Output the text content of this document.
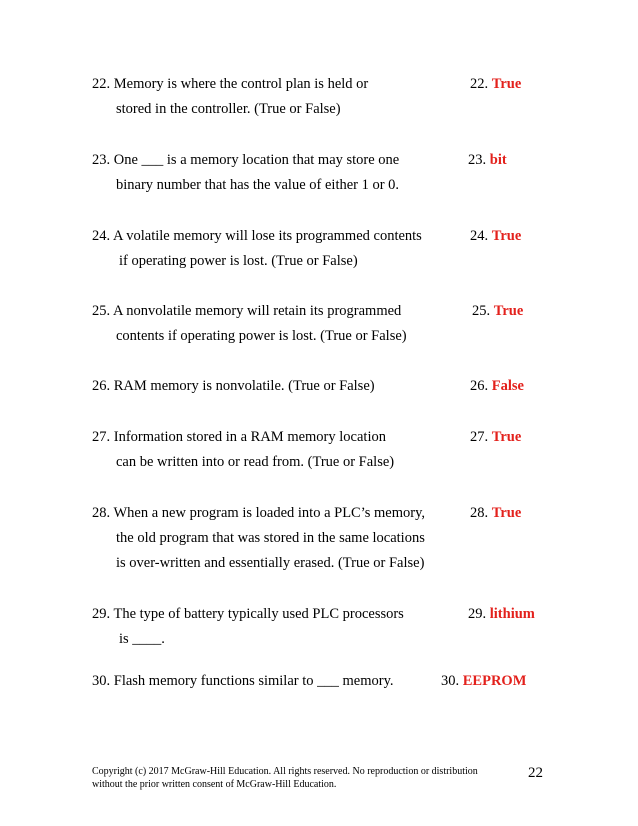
22. Memory is where the control plan is held or
stored in the controller. (True or False)
22. True
23. One ___ is a memory location that may store one
binary number that has the value of either 1 or 0.
23. bit
24. A volatile memory will lose its programmed contents
if operating power is lost. (True or False)
24. True
25. A nonvolatile memory will retain its programmed
contents if operating power is lost. (True or False)
25. True
26. RAM memory is nonvolatile. (True or False)	26. False
27. Information stored in a RAM memory location
can be written into or read from. (True or False)
27. True
28. When a new program is loaded into a PLC’s memory,
the old program that was stored in the same locations
is over-written and essentially erased. (True or False)
28. True
29. The type of battery typically used PLC processors
is ____.
29. lithium
30. Flash memory functions similar to ___ memory.	30. EEPROM
Copyright (c) 2017 McGraw-Hill Education. All rights reserved. No reproduction or distribution
without the prior written consent of McGraw-Hill Education.
22
